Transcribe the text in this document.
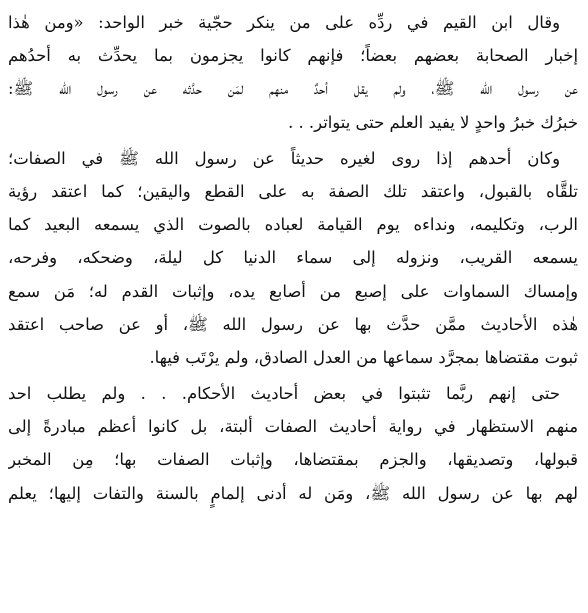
وقال ابن القيم في ردِّه على من ينكر حجّية خبر الواحد: «ومن هٰذا
إخبار الصحابة بعضهم بعضاً؛ فإنهم كانوا يجزمون بما يحدِّث به أحدُهم
عن رسول الله ﷺ، ولم يقل أحدٌ منهم لمَن حدَّثه عن رسول الله ﷺ:
خبرُك خبرُ واحدٍ لا يفيد العلم حتى يتواتر. . .
وكان أحدهم إذا روى لغيره حديثاً عن رسول الله ﷺ في الصفات؛
تلقَّاه بالقبول، واعتقد تلك الصفة به على القطع واليقين؛ كما اعتقد رؤية
الرب، وتكليمه، ونداءه يوم القيامة لعباده بالصوت الذي يسمعه البعيد كما
يسمعه القريب، ونزوله إلى سماء الدنيا كل ليلة، وضحكه، وفرحه،
وإمساك السماوات على إصبع من أصابع يده، وإثبات القدم له؛ مَن سمع
هٰذه الأحاديث ممَّن حدَّث بها عن رسول الله ﷺ، أو عن صاحب اعتقد
ثبوت مقتضاها بمجرَّد سماعها من العدل الصادق، ولم يرْتَب فيها.
حتى إنهم ربَّما تثبتوا في بعض أحاديث الأحكام. . . ولم يطلب احد
منهم الاستظهار في رواية أحاديث الصفات ألبتة، بل كانوا أعظم مبادرةً إلى
قبولها، وتصديقها، والجزم بمقتضاها، وإثبات الصفات بها؛ مِن المخبر
لهم بها عن رسول الله ﷺ، ومَن له أدنى إلمامٍ بالسنة والتفات إليها؛ يعلم
